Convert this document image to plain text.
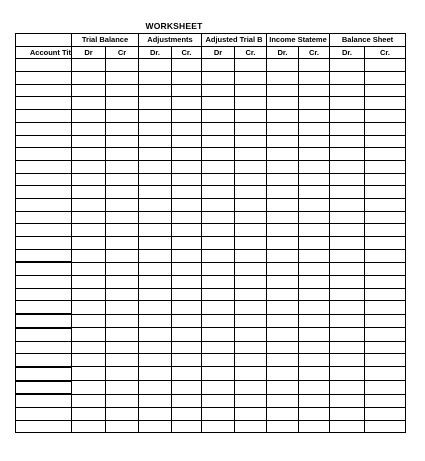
WORKSHEET
	Trial Balance		Adjustments		Adjusted Trial B		Income Stateme		Balance Sheet	
Account Tit	Dr	Cr	Dr.	Cr.	Dr	Cr.	Dr.	Cr.	Dr.	Cr.
